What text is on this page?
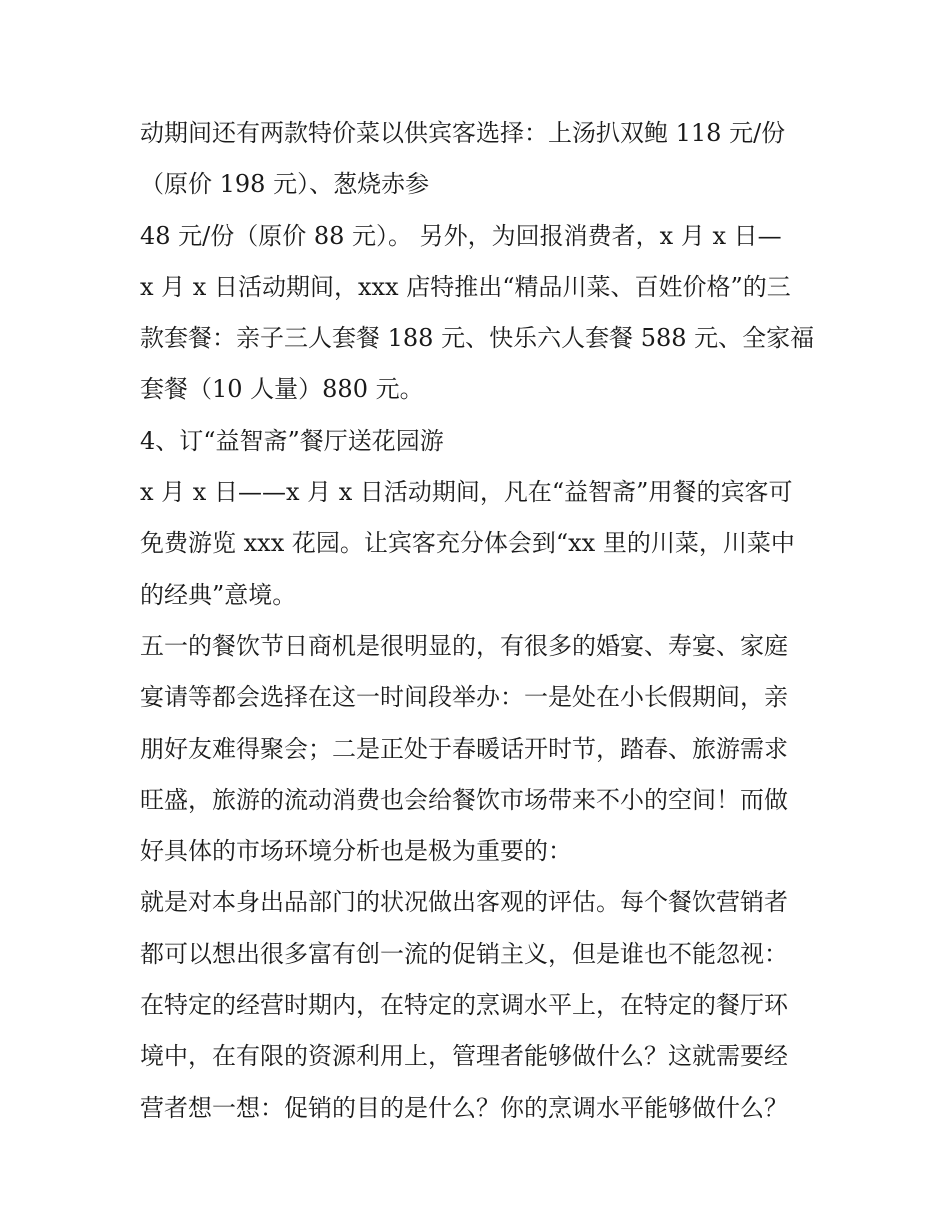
动期间还有两款特价菜以供宾客选择：上汤扒双鲍 118 元/份

（原价 198 元）、葱烧赤参

48 元/份（原价 88 元）。 另外，为回报消费者，x 月 x 日—

x 月 x 日活动期间，xxx 店特推出“精品川菜、百姓价格”的三

款套餐：亲子三人套餐 188 元、快乐六人套餐 588 元、全家福

套餐（10 人量）880 元。

4、订“益智斋”餐厅送花园游

x 月 x 日——x 月 x 日活动期间，凡在“益智斋”用餐的宾客可

免费游览 xxx 花园。让宾客充分体会到“xx 里的川菜，川菜中

的经典”意境。

五一的餐饮节日商机是很明显的，有很多的婚宴、寿宴、家庭

宴请等都会选择在这一时间段举办：一是处在小长假期间，亲

朋好友难得聚会；二是正处于春暖话开时节，踏春、旅游需求

旺盛，旅游的流动消费也会给餐饮市场带来不小的空间！而做

好具体的市场环境分析也是极为重要的：

就是对本身出品部门的状况做出客观的评估。每个餐饮营销者

都可以想出很多富有创一流的促销主义，但是谁也不能忽视：

在特定的经营时期内，在特定的烹调水平上，在特定的餐厅环

境中，在有限的资源利用上，管理者能够做什么？这就需要经

营者想一想：促销的目的是什么？你的烹调水平能够做什么？
